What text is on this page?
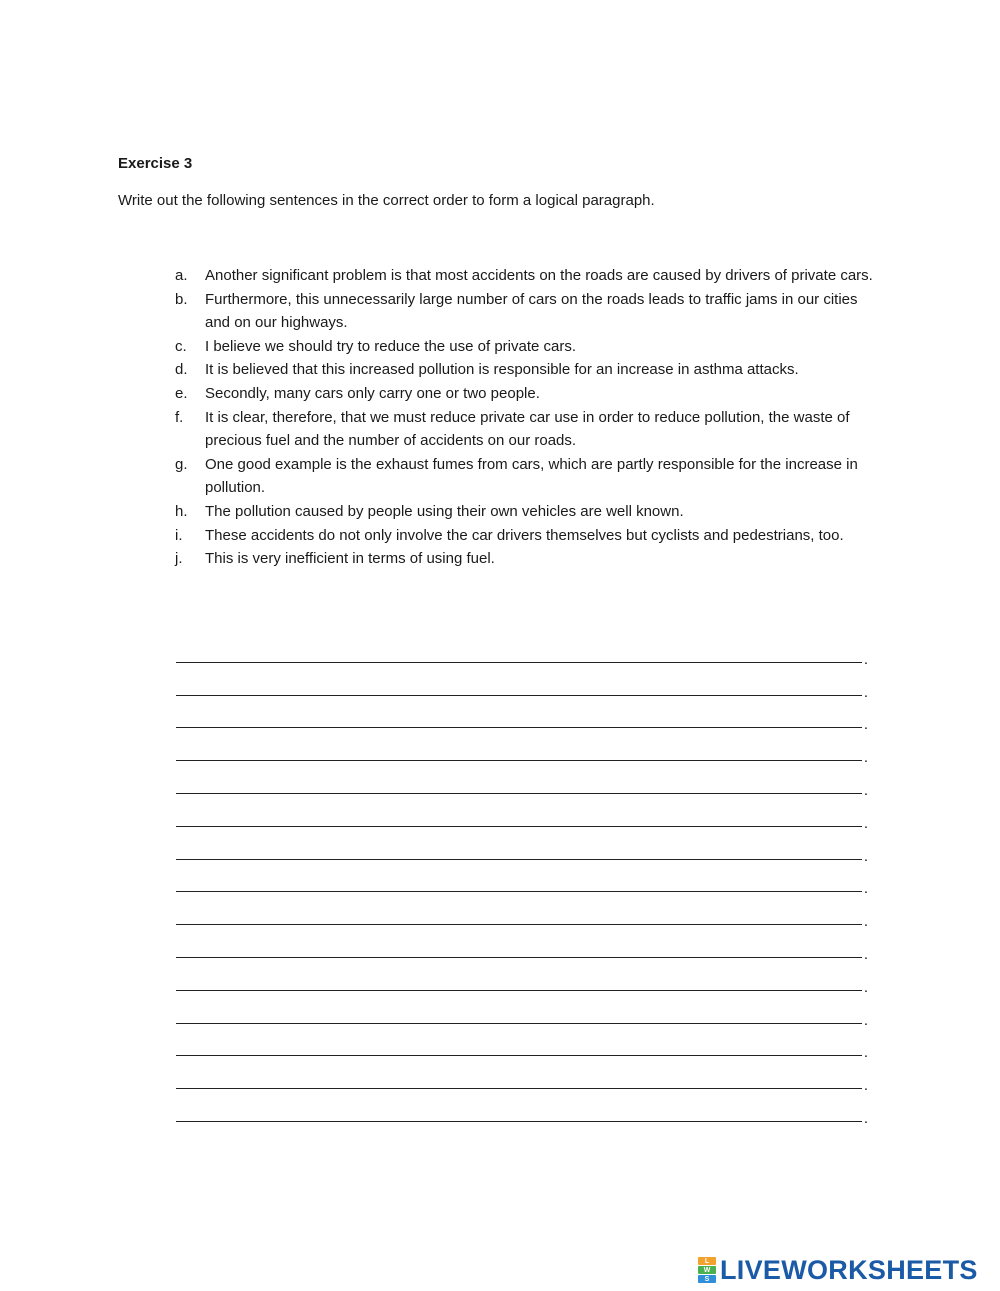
Exercise 3

Write out the following sentences in the correct order to form a logical paragraph.

a.	Another significant problem is that most accidents on the roads are caused by drivers of private cars.
b.	Furthermore, this unnecessarily large number of cars on the roads leads to traffic jams in our cities and on our highways.
c.	I believe we should try to reduce the use of private cars.
d.	It is believed that this increased pollution is responsible for an increase in asthma attacks.
e.	Secondly, many cars only carry one or two people.
f.	It is clear, therefore, that we must reduce private car use in order to reduce pollution, the waste of precious fuel and the number of accidents on our roads.
g.	One good example is the exhaust fumes from cars, which are partly responsible for the increase in pollution.
h.	The pollution caused by people using their own vehicles are well known.
i.	These accidents do not only involve the car drivers themselves but cyclists and pedestrians, too.
j.	This is very inefficient in terms of using fuel.
.
.
.
.
.
.
.
.
.
.
.
.
.
.
.
L
W
S LIVEWORKSHEETS
